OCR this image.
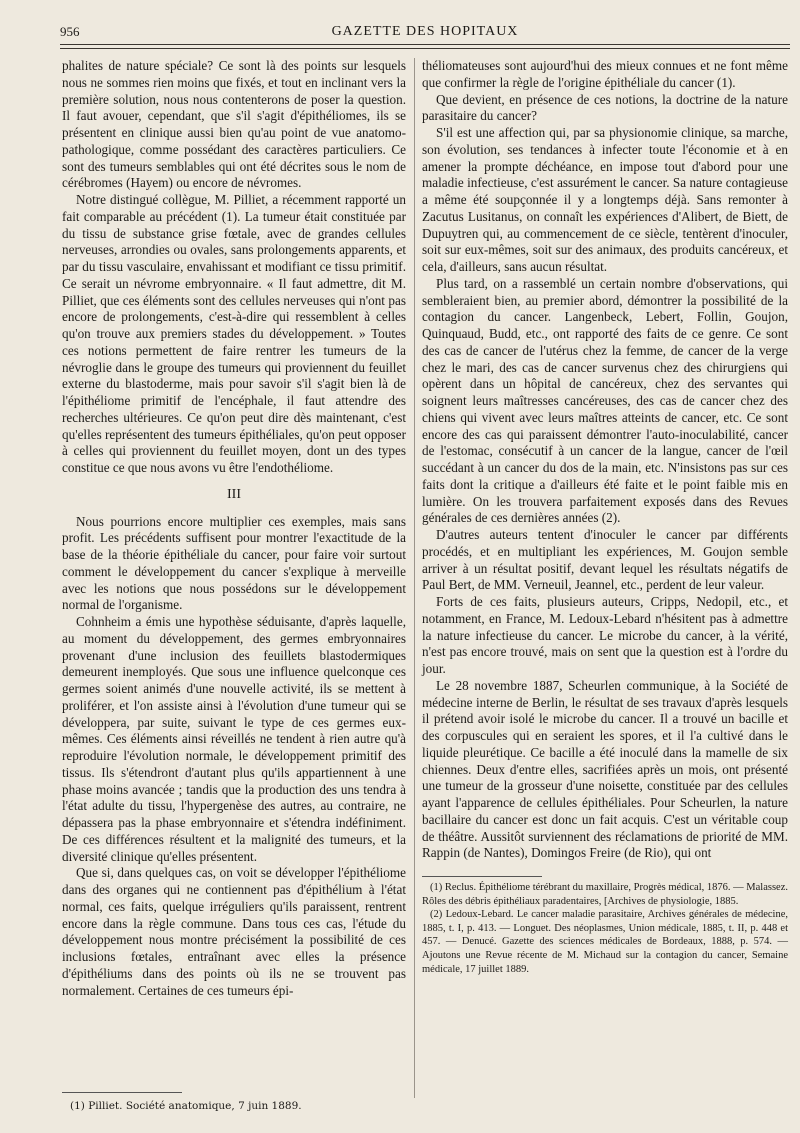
956	GAZETTE DES HOPITAUX

phalites de nature spéciale? Ce sont là des points sur lesquels nous ne sommes rien moins que fixés, et tout en inclinant vers la première solution, nous nous contenterons de poser la question. Il faut avouer, cependant, que s'il s'agit d'épithéliomes, ils se présentent en clinique aussi bien qu'au point de vue anatomo-pathologique, comme possédant des caractères particuliers. Ce sont des tumeurs semblables qui ont été décrites sous le nom de cérébromes (Hayem) ou encore de névromes.

Notre distingué collègue, M. Pilliet, a récemment rapporté un fait comparable au précédent (1). La tumeur était constituée par du tissu de substance grise fœtale, avec de grandes cellules nerveuses, arrondies ou ovales, sans prolongements apparents, et par du tissu vasculaire, envahissant et modifiant ce tissu primitif. Ce serait un névrome embryonnaire. « Il faut admettre, dit M. Pilliet, que ces éléments sont des cellules nerveuses qui n'ont pas encore de prolongements, c'est-à-dire qui ressemblent à celles qu'on trouve aux premiers stades du développement. » Toutes ces notions permettent de faire rentrer les tumeurs de la névroglie dans le groupe des tumeurs qui proviennent du feuillet externe du blastoderme, mais pour savoir s'il s'agit bien là de l'épithéliome primitif de l'encéphale, il faut attendre des recherches ultérieures. Ce qu'on peut dire dès maintenant, c'est qu'elles représentent des tumeurs épithéliales, qu'on peut opposer à celles qui proviennent du feuillet moyen, dont un des types constitue ce que nous avons vu être l'endothéliome.

III

Nous pourrions encore multiplier ces exemples, mais sans profit. Les précédents suffisent pour montrer l'exactitude de la base de la théorie épithéliale du cancer, pour faire voir surtout comment le développement du cancer s'explique à merveille avec les notions que nous possédons sur le développement normal de l'organisme.

Cohnheim a émis une hypothèse séduisante, d'après laquelle, au moment du développement, des germes embryonnaires provenant d'une inclusion des feuillets blastodermiques demeurent inemployés. Que sous une influence quelconque ces germes soient animés d'une nouvelle activité, ils se mettent à proliférer, et l'on assiste ainsi à l'évolution d'une tumeur qui se développera, par suite, suivant le type de ces germes eux-mêmes. Ces éléments ainsi réveillés ne tendent à rien autre qu'à reproduire l'évolution normale, le développement primitif des tissus. Ils s'étendront d'autant plus qu'ils appartiennent à une phase moins avancée ; tandis que la production des uns tendra à l'état adulte du tissu, l'hypergenèse des autres, au contraire, ne dépassera pas la phase embryonnaire et s'étendra indéfiniment. De ces différences résultent et la malignité des tumeurs, et la diversité clinique qu'elles présentent.

Que si, dans quelques cas, on voit se développer l'épithéliome dans des organes qui ne contiennent pas d'épithélium à l'état normal, ces faits, quelque irréguliers qu'ils paraissent, rentrent encore dans la règle commune. Dans tous ces cas, l'étude du développement nous montre précisément la possibilité de ces inclusions fœtales, entraînant avec elles la présence d'épithéliums dans des points où ils ne se trouvent pas normalement. Certaines de ces tumeurs épi-

(1) Pilliet. Société anatomique, 7 juin 1889.

théliomateuses sont aujourd'hui des mieux connues et ne font même que confirmer la règle de l'origine épithéliale du cancer (1).

Que devient, en présence de ces notions, la doctrine de la nature parasitaire du cancer?

S'il est une affection qui, par sa physionomie clinique, sa marche, son évolution, ses tendances à infecter toute l'économie et à en amener la prompte déchéance, en impose tout d'abord pour une maladie infectieuse, c'est assurément le cancer. Sa nature contagieuse a même été soupçonnée il y a longtemps déjà. Sans remonter à Zacutus Lusitanus, on connaît les expériences d'Alibert, de Biett, de Dupuytren qui, au commencement de ce siècle, tentèrent d'inoculer, soit sur eux-mêmes, soit sur des animaux, des produits cancéreux, et cela, d'ailleurs, sans aucun résultat.

Plus tard, on a rassemblé un certain nombre d'observations, qui sembleraient bien, au premier abord, démontrer la possibilité de la contagion du cancer. Langenbeck, Lebert, Follin, Goujon, Quinquaud, Budd, etc., ont rapporté des faits de ce genre. Ce sont des cas de cancer de l'utérus chez la femme, de cancer de la verge chez le mari, des cas de cancer survenus chez des chirurgiens qui opèrent dans un hôpital de cancéreux, chez des servantes qui soignent leurs maîtresses cancéreuses, des cas de cancer chez des chiens qui vivent avec leurs maîtres atteints de cancer, etc. Ce sont encore des cas qui paraissent démontrer l'auto-inoculabilité, cancer de l'estomac, consécutif à un cancer de la langue, cancer de l'œil succédant à un cancer du dos de la main, etc. N'insistons pas sur ces faits dont la critique a d'ailleurs été faite et le point faible mis en lumière. On les trouvera parfaitement exposés dans des Revues générales de ces dernières années (2).

D'autres auteurs tentent d'inoculer le cancer par différents procédés, et en multipliant les expériences, M. Goujon semble arriver à un résultat positif, devant lequel les résultats négatifs de Paul Bert, de MM. Verneuil, Jeannel, etc., perdent de leur valeur.

Forts de ces faits, plusieurs auteurs, Cripps, Nedopil, etc., et notamment, en France, M. Ledoux-Lebard n'hésitent pas à admettre la nature infectieuse du cancer. Le microbe du cancer, à la vérité, n'est pas encore trouvé, mais on sent que la question est à l'ordre du jour.

Le 28 novembre 1887, Scheurlen communique, à la Société de médecine interne de Berlin, le résultat de ses travaux d'après lesquels il prétend avoir isolé le microbe du cancer. Il a trouvé un bacille et des corpuscules qui en seraient les spores, et il l'a cultivé dans le liquide pleurétique. Ce bacille a été inoculé dans la mamelle de six chiennes. Deux d'entre elles, sacrifiées après un mois, ont présenté une tumeur de la grosseur d'une noisette, constituée par des cellules ayant l'apparence de cellules épithéliales. Pour Scheurlen, la nature bacillaire du cancer est donc un fait acquis. C'est un véritable coup de théâtre. Aussitôt surviennent des réclamations de priorité de MM. Rappin (de Nantes), Domingos Freire (de Rio), qui ont

(1) Reclus. Épithéliome térébrant du maxillaire, Progrès médical, 1876. — Malassez. Rôles des débris épithéliaux paradentaires, [Archives de physiologie, 1885.
(2) Ledoux-Lebard. Le cancer maladie parasitaire, Archives générales de médecine, 1885, t. I, p. 413. — Longuet. Des néoplasmes, Union médicale, 1885, t. II, p. 448 et 457. — Denucé. Gazette des sciences médicales de Bordeaux, 1888, p. 574. — Ajoutons une Revue récente de M. Michaud sur la contagion du cancer, Semaine médicale, 17 juillet 1889.
